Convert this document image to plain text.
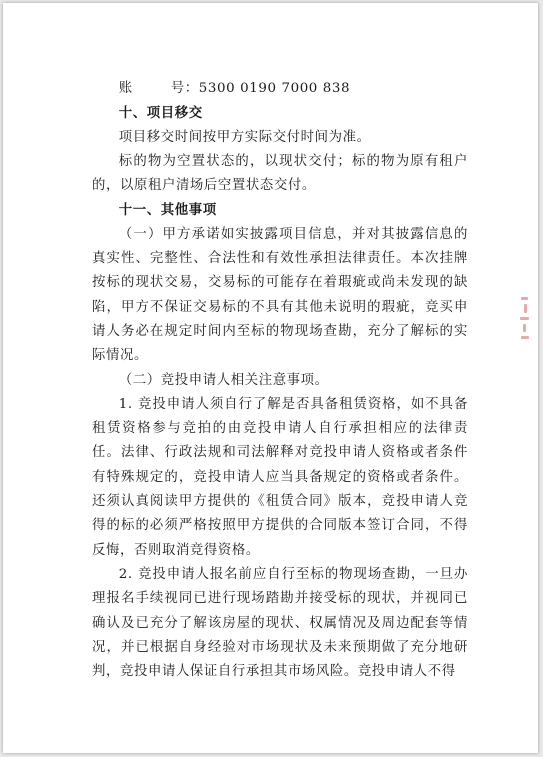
账	号：5300 0190 7000 838

十、项目移交

项目移交时间按甲方实际交付时间为准。

标的物为空置状态的，以现状交付；标的物为原有租户的，以原租户清场后空置状态交付。

十一、其他事项

（一）甲方承诺如实披露项目信息，并对其披露信息的真实性、完整性、合法性和有效性承担法律责任。本次挂牌按标的现状交易，交易标的可能存在着瑕疵或尚未发现的缺陷，甲方不保证交易标的不具有其他未说明的瑕疵，竞买申请人务必在规定时间内至标的物现场查勘，充分了解标的实际情况。

（二）竞投申请人相关注意事项。

1. 竞投申请人须自行了解是否具备租赁资格，如不具备租赁资格参与竞拍的由竞投申请人自行承担相应的法律责任。法律、行政法规和司法解释对竞投申请人资格或者条件有特殊规定的，竞投申请人应当具备规定的资格或者条件。还须认真阅读甲方提供的《租赁合同》版本，竞投申请人竞得的标的必须严格按照甲方提供的合同版本签订合同，不得反悔，否则取消竞得资格。

2. 竞投申请人报名前应自行至标的物现场查勘，一旦办理报名手续视同已进行现场踏勘并接受标的现状，并视同已确认及已充分了解该房屋的现状、权属情况及周边配套等情况，并已根据自身经验对市场现状及未来预期做了充分地研判，竞投申请人保证自行承担其市场风险。竞投申请人不得
